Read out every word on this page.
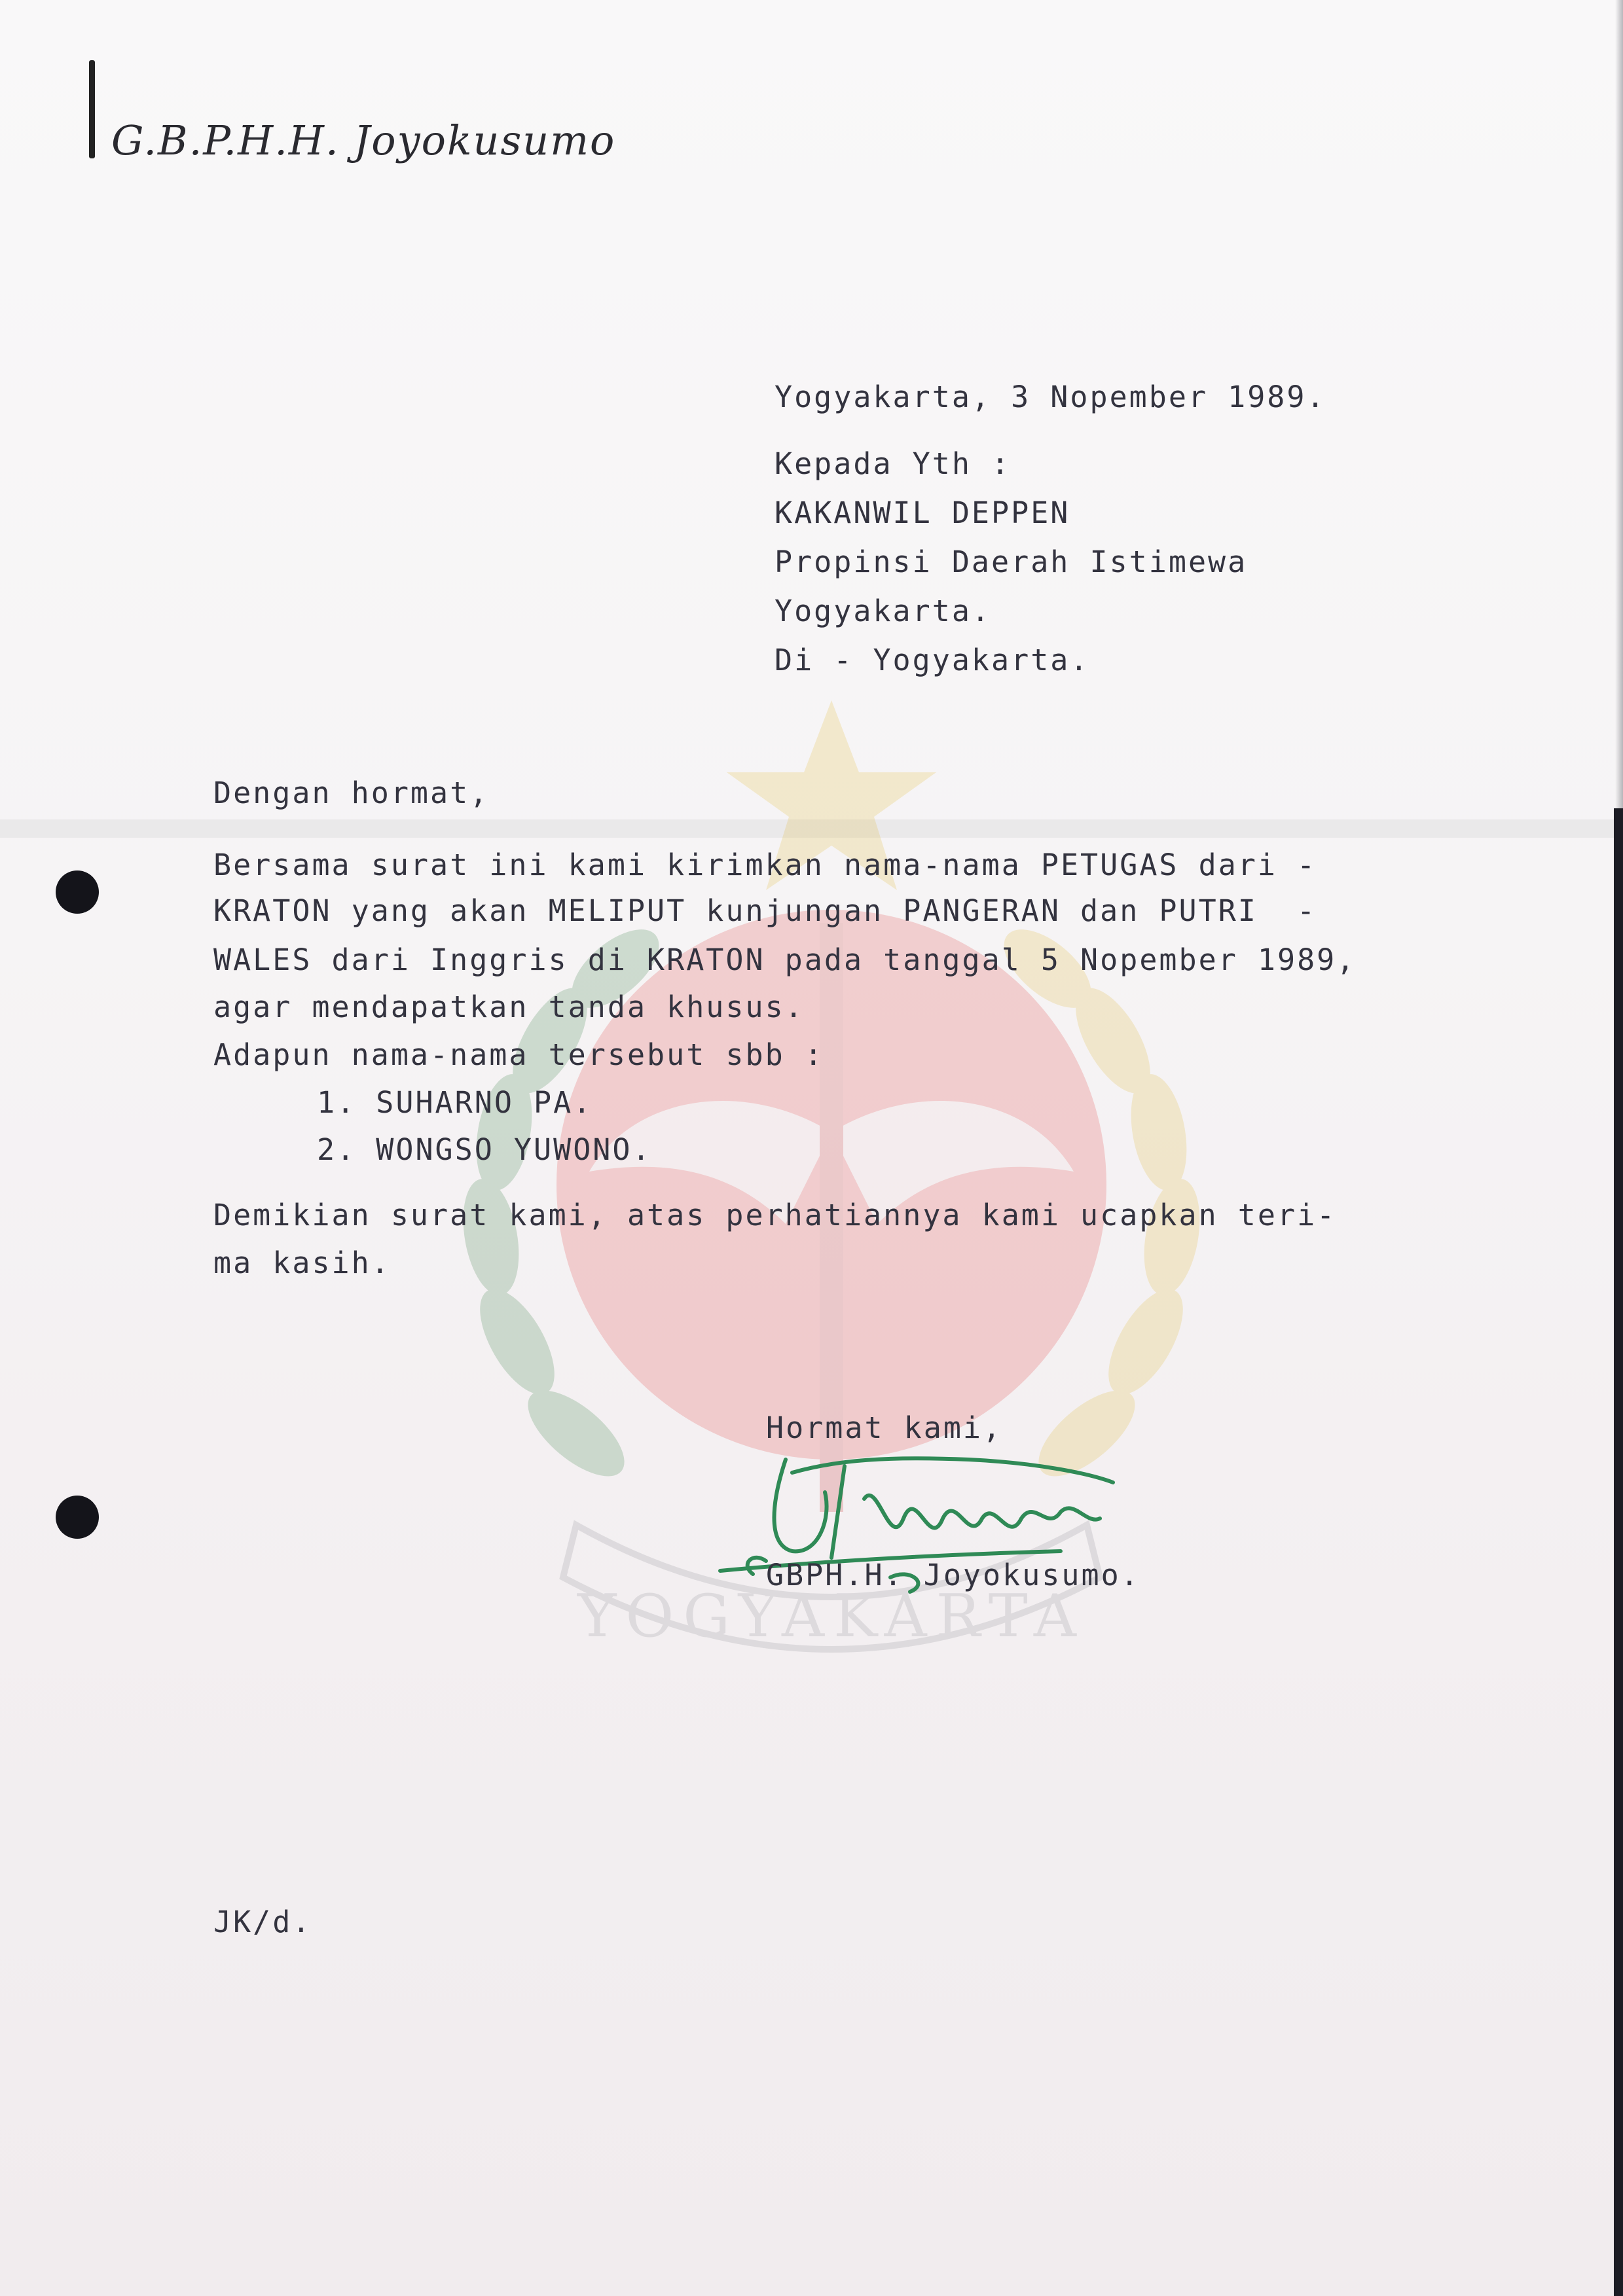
YOGYAKARTA
G.B.P.H.H. Joyokusumo
Yogyakarta, 3 Nopember 1989.
Kepada Yth :
KAKANWIL DEPPEN
Propinsi Daerah Istimewa
Yogyakarta.
Di - Yogyakarta.
Dengan hormat,
Bersama surat ini kami kirimkan nama-nama PETUGAS dari -
KRATON yang akan MELIPUT kunjungan PANGERAN dan PUTRI  -
WALES dari Inggris di KRATON pada tanggal 5 Nopember 1989,
agar mendapatkan tanda khusus.
Adapun nama-nama tersebut sbb :
1. SUHARNO PA.
2. WONGSO YUWONO.
Demikian surat kami, atas perhatiannya kami ucapkan teri-
ma kasih.
Hormat kami,
GBPH.H. Joyokusumo.
JK/d.
